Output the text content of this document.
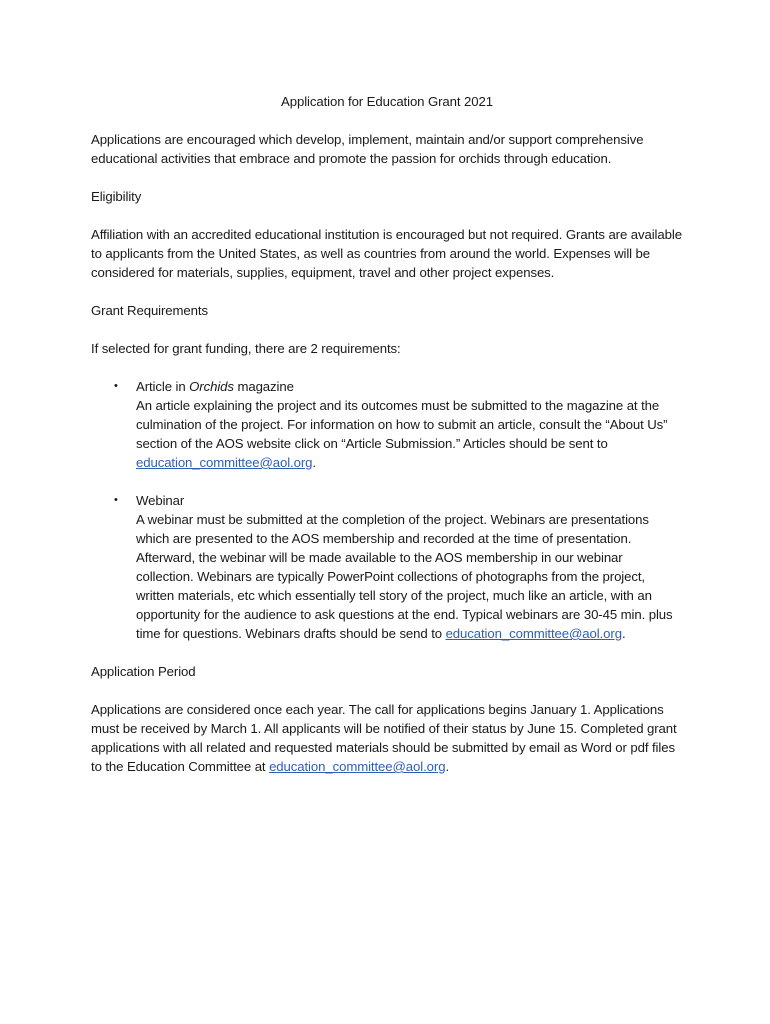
Application for Education Grant 2021

Applications are encouraged which develop, implement, maintain and/or support comprehensive educational activities that embrace and promote the passion for orchids through education.

Eligibility

Affiliation with an accredited educational institution is encouraged but not required. Grants are available to applicants from the United States, as well as countries from around the world. Expenses will be considered for materials, supplies, equipment, travel and other project expenses.

Grant Requirements

If selected for grant funding, there are 2 requirements:

• Article in Orchids magazine
An article explaining the project and its outcomes must be submitted to the magazine at the culmination of the project. For information on how to submit an article, consult the “About Us” section of the AOS website click on “Article Submission.” Articles should be sent to education_committee@aol.org.
• Webinar
A webinar must be submitted at the completion of the project. Webinars are presentations which are presented to the AOS membership and recorded at the time of presentation. Afterward, the webinar will be made available to the AOS membership in our webinar collection. Webinars are typically PowerPoint collections of photographs from the project, written materials, etc which essentially tell story of the project, much like an article, with an opportunity for the audience to ask questions at the end. Typical webinars are 30-45 min. plus time for questions. Webinars drafts should be send to education_committee@aol.org.
Application Period

Applications are considered once each year. The call for applications begins January 1. Applications must be received by March 1. All applicants will be notified of their status by June 15. Completed grant applications with all related and requested materials should be submitted by email as Word or pdf files to the Education Committee at education_committee@aol.org.
